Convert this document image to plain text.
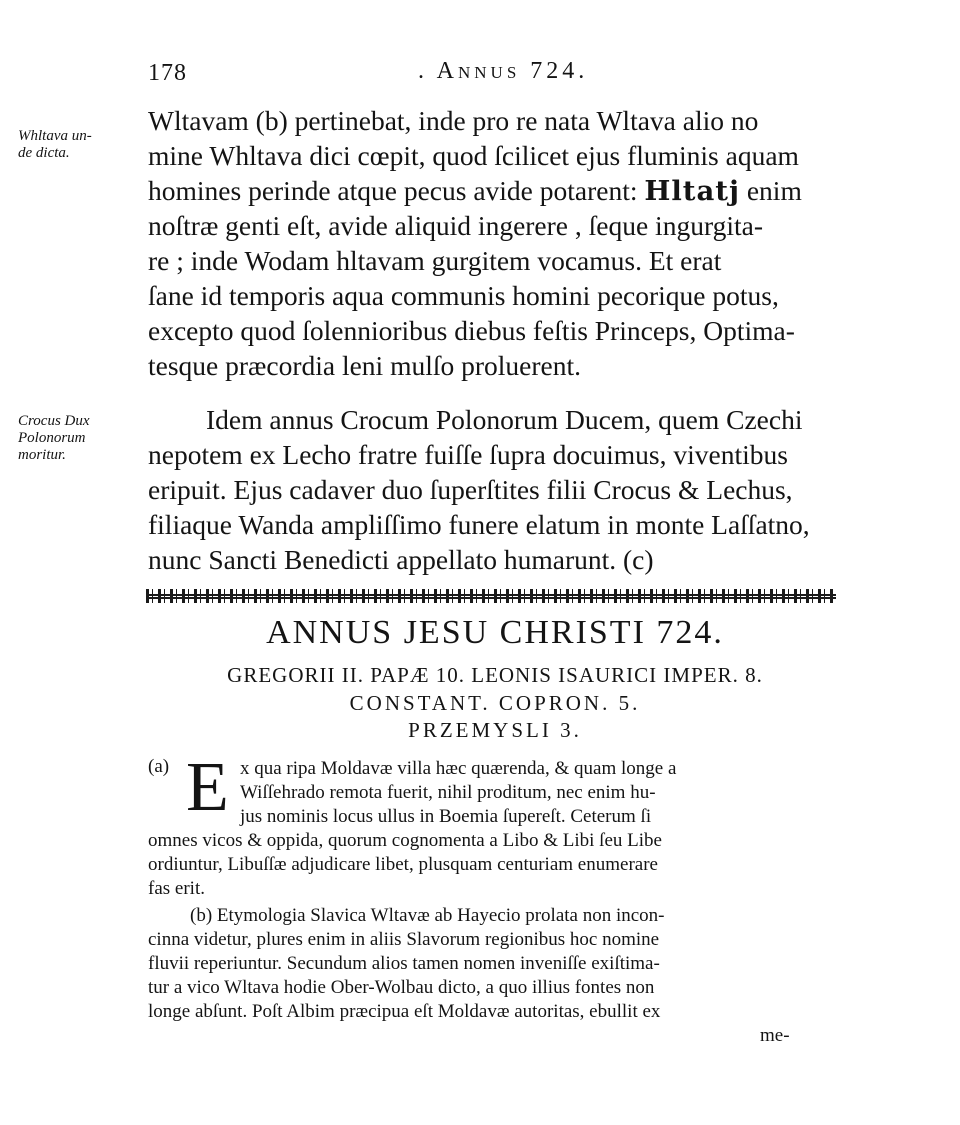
178	. Annus 724.
Whltava un-
de dicta.
Crocus Dux
Polonorum
moritur.
Wltavam (b) pertinebat, inde pro re nata Wltava alio no
mine Whltava dici cœpit, quod ſcilicet ejus fluminis aquam
homines perinde atque pecus avide potarent: Hltatj enim
noſtræ genti eſt, avide aliquid ingerere , ſeque ingurgita-
re ; inde Wodam hltavam gurgitem vocamus. Et erat
ſane id temporis aqua communis homini pecorique potus,
excepto quod ſolennioribus diebus feſtis Princeps, Optima-
tesque præcordia leni mulſo proluerent.
Idem annus Crocum Polonorum Ducem, quem Czechi
nepotem ex Lecho fratre fuiſſe ſupra docuimus, viventibus
eripuit. Ejus cadaver duo ſuperſtites filii Crocus & Lechus,
filiaque Wanda ampliſſimo funere elatum in monte Laſſatno,
nunc Sancti Benedicti appellato humarunt. (c)
ANNUS JESU CHRISTI 724.
GREGORII II. PAPÆ 10. LEONIS ISAURICI IMPER. 8.
CONSTANT. COPRON. 5.
PRZEMYSLI 3.
(a) E x qua ripa Moldavæ villa hæc quærenda, & quam longe a
Wiſſehrado remota fuerit, nihil proditum, nec enim hu-
jus nominis locus ullus in Boemia ſupereſt. Ceterum ſi
omnes vicos & oppida, quorum cognomenta a Libo & Libi ſeu Libe
ordiuntur, Libuſſæ adjudicare libet, plusquam centuriam enumerare
fas erit.
(b) Etymologia Slavica Wltavæ ab Hayecio prolata non incon-
cinna videtur, plures enim in aliis Slavorum regionibus hoc nomine
fluvii reperiuntur. Secundum alios tamen nomen inveniſſe exiſtima-
tur a vico Wltava hodie Ober-Wolbau dicto, a quo illius fontes non
longe abſunt. Poſt Albim præcipua eſt Moldavæ autoritas, ebullit ex
me-
